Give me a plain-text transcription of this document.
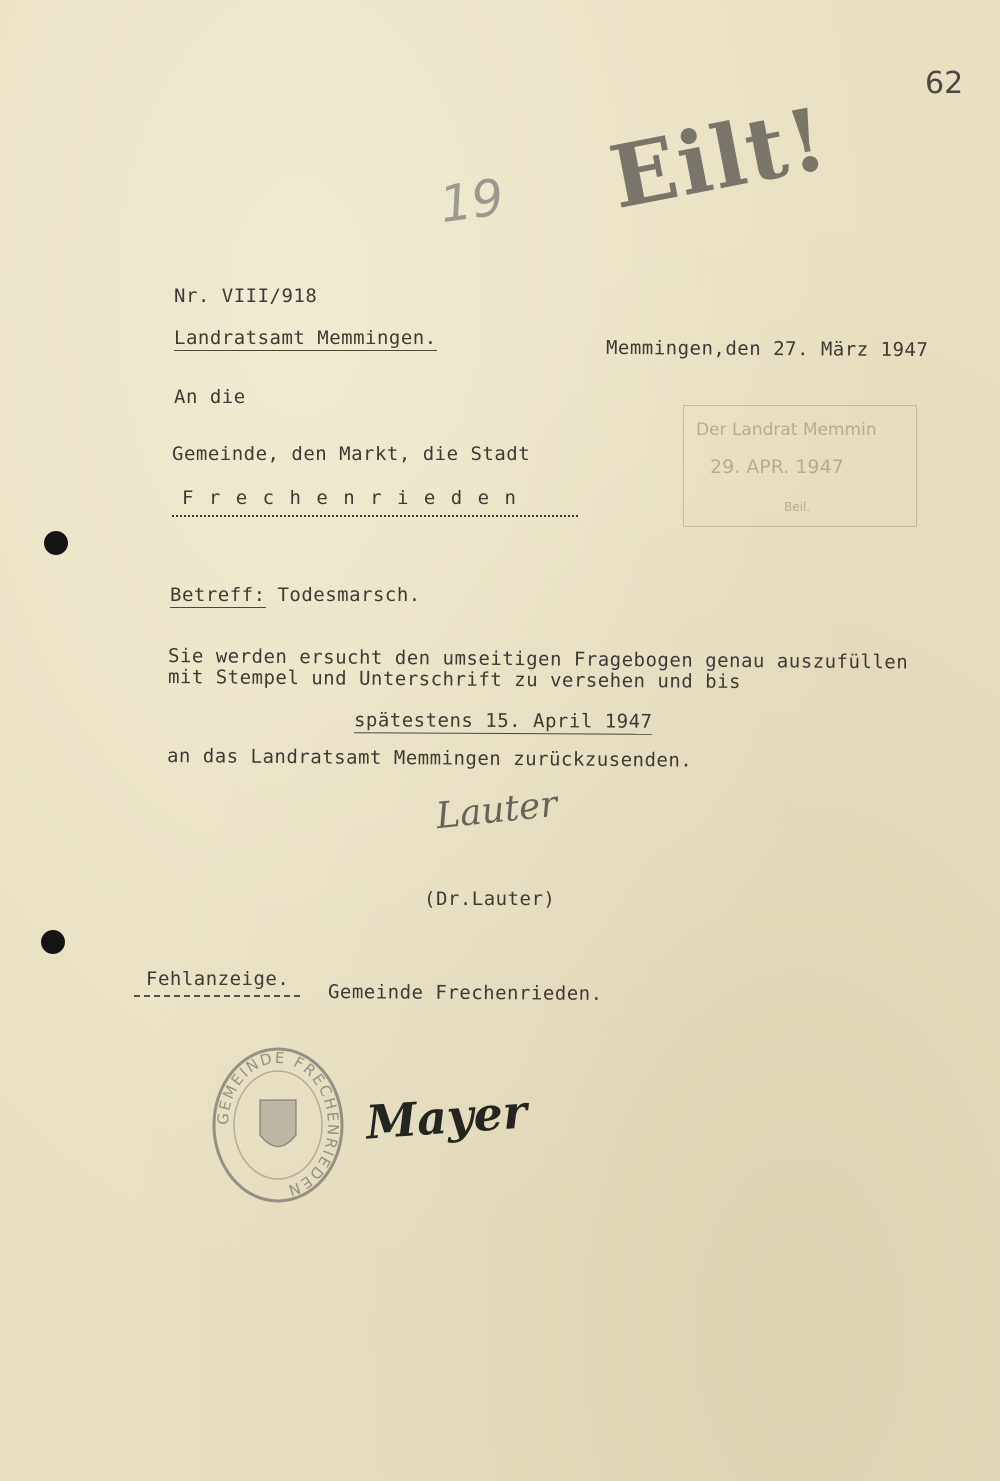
62
Eilt!
19
Nr. VIII/918
Landratsamt Memmingen.	Memmingen,den 27. März 1947
Der Landrat Memmin
29. APR. 1947
Beil.
An die
Gemeinde, den Markt, die Stadt
F r e c h e n r i e d e n
Betreff: Todesmarsch.
Sie werden ersucht den umseitigen Fragebogen genau auszufüllen
mit Stempel und Unterschrift zu versehen und bis
spätestens 15. April 1947
an das Landratsamt Memmingen zurückzusenden.
Lauter
(Dr.Lauter)
Fehlanzeige.
Gemeinde Frechenrieden.
GEMEINDE FRECHENRIEDEN
Mayer
